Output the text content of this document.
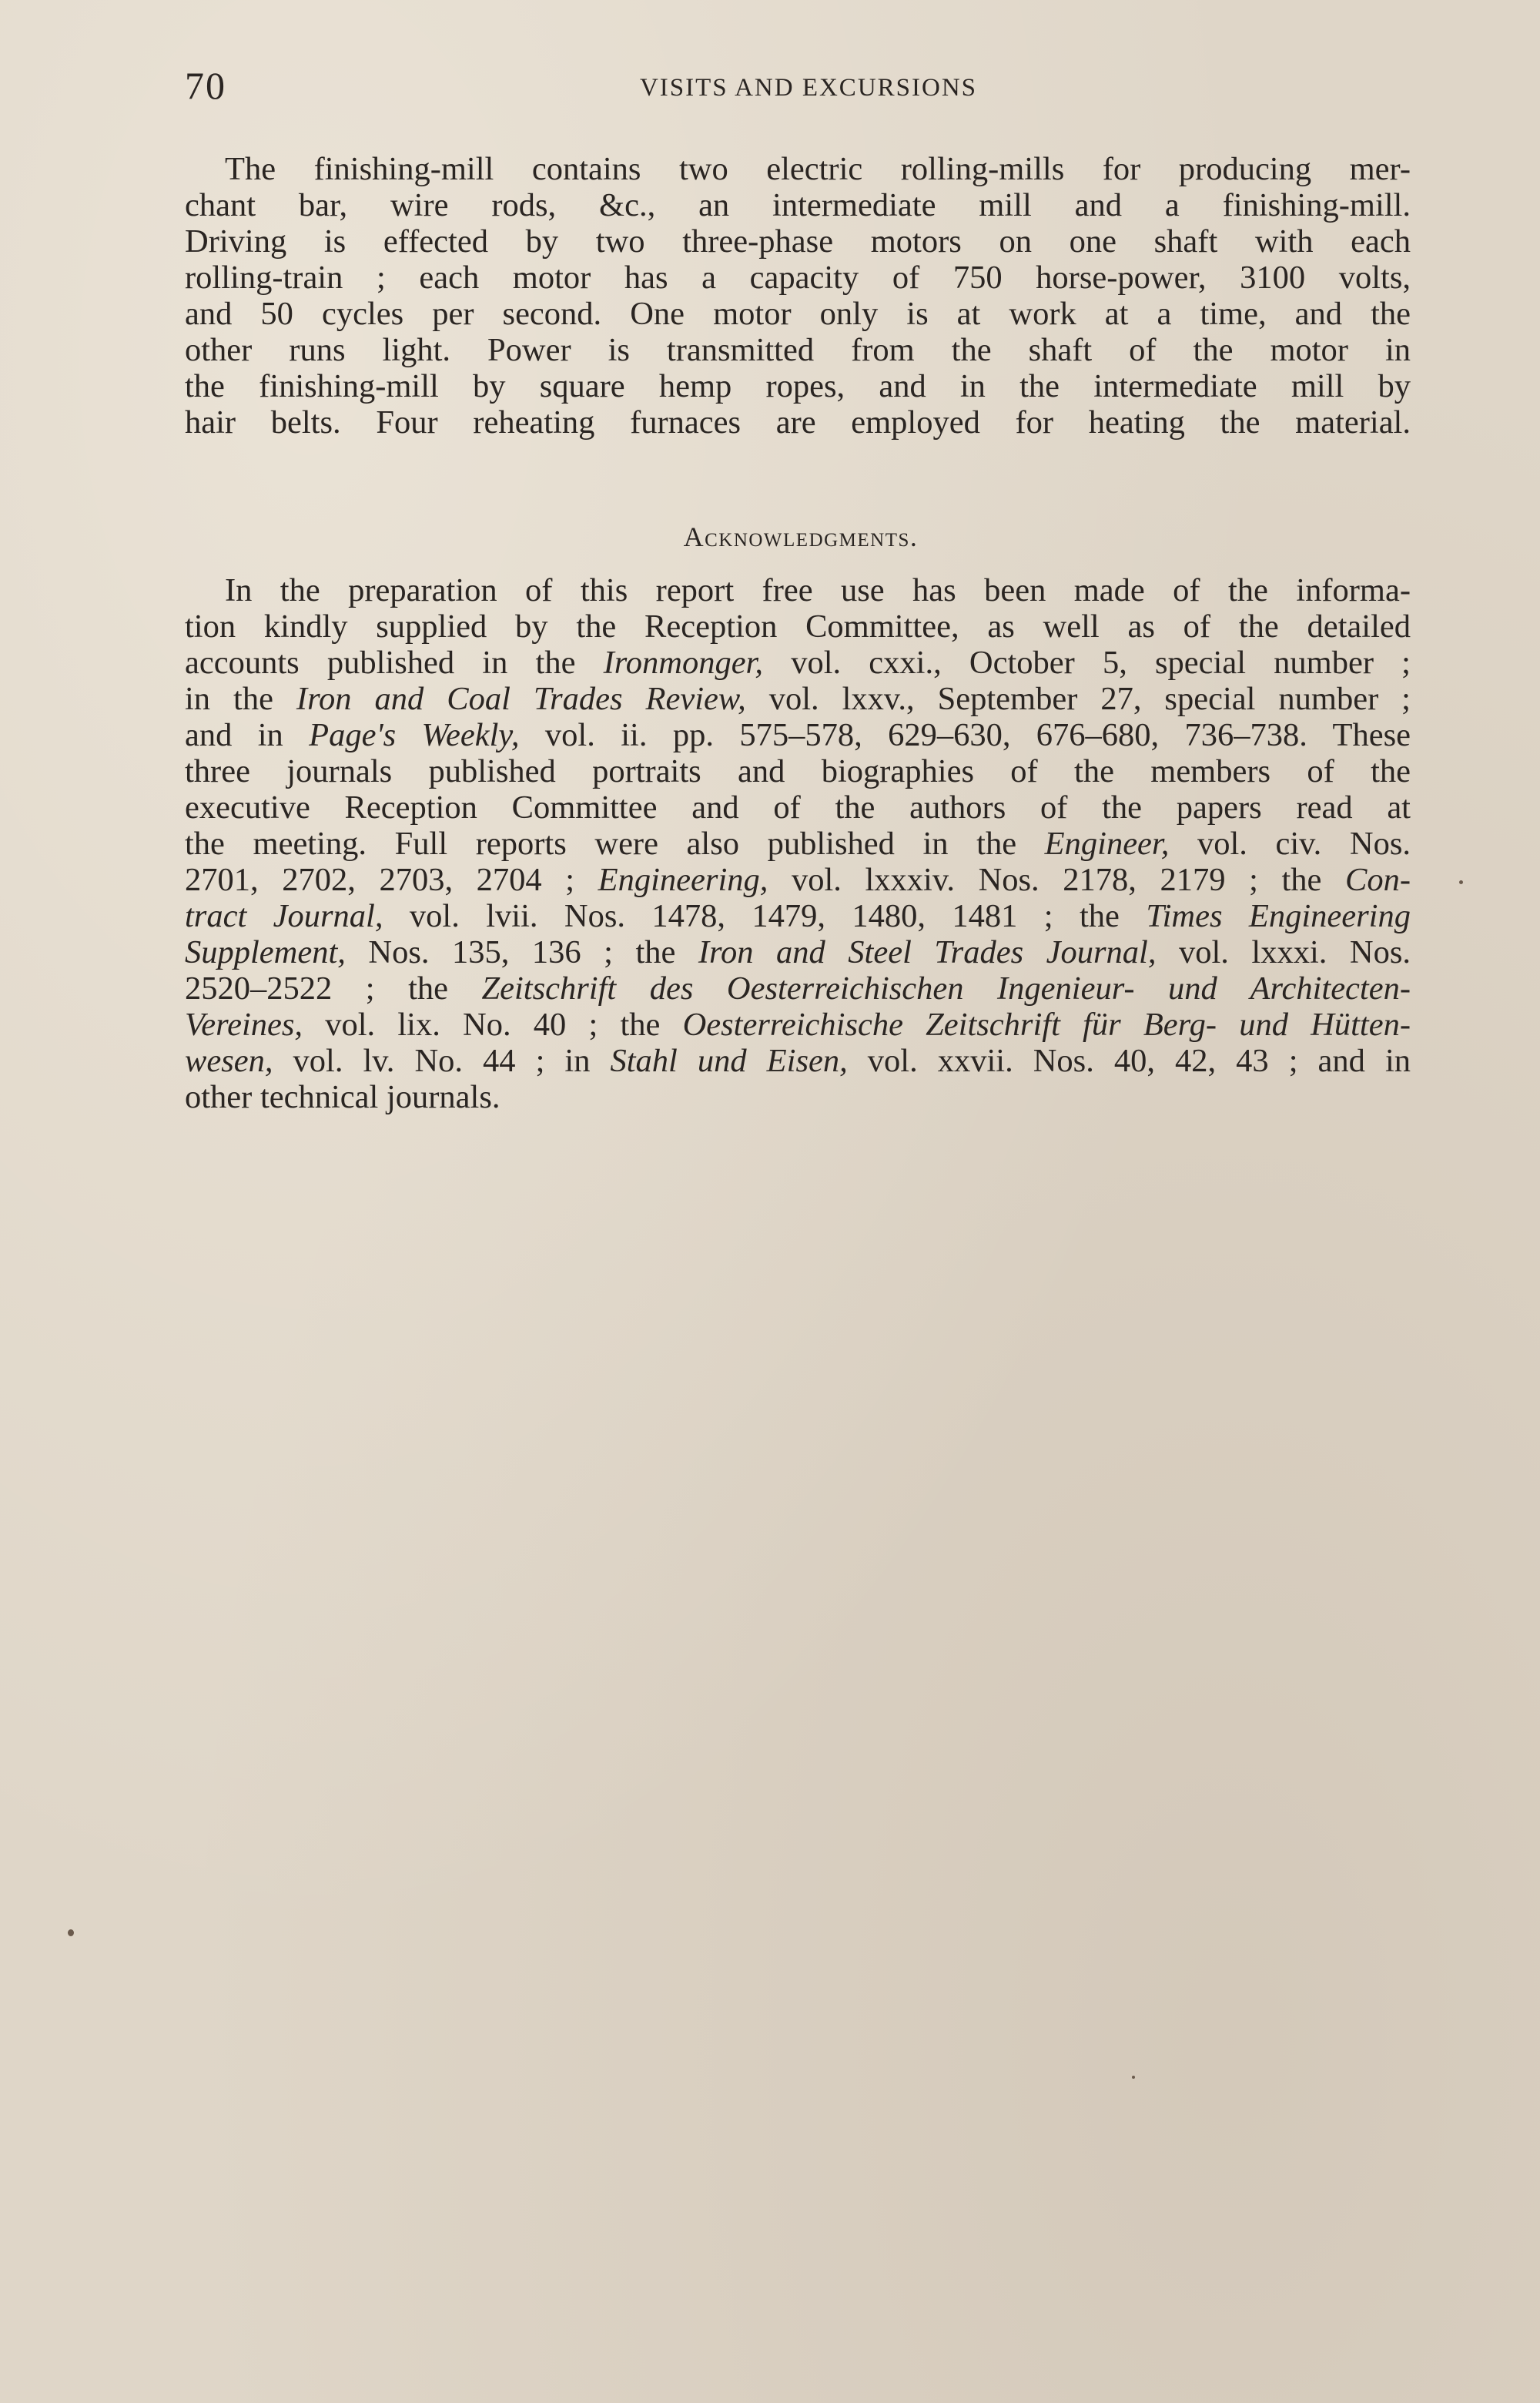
70	VISITS AND EXCURSIONS
The finishing-mill contains two electric rolling-mills for producing mer-
chant bar, wire rods, &c., an intermediate mill and a finishing-mill.
Driving is effected by two three-phase motors on one shaft with each
rolling-train ; each motor has a capacity of 750 horse-power, 3100 volts,
and 50 cycles per second. One motor only is at work at a time, and the
other runs light. Power is transmitted from the shaft of the motor in
the finishing-mill by square hemp ropes, and in the intermediate mill by
hair belts. Four reheating furnaces are employed for heating the material.
Acknowledgments.
In the preparation of this report free use has been made of the informa-
tion kindly supplied by the Reception Committee, as well as of the detailed
accounts published in the Ironmonger, vol. cxxi., October 5, special number ;
in the Iron and Coal Trades Review, vol. lxxv., September 27, special number ;
and in Page's Weekly, vol. ii. pp. 575–578, 629–630, 676–680, 736–738. These
three journals published portraits and biographies of the members of the
executive Reception Committee and of the authors of the papers read at
the meeting. Full reports were also published in the Engineer, vol. civ. Nos.
2701, 2702, 2703, 2704 ; Engineering, vol. lxxxiv. Nos. 2178, 2179 ; the Con-
tract Journal, vol. lvii. Nos. 1478, 1479, 1480, 1481 ; the Times Engineering
Supplement, Nos. 135, 136 ; the Iron and Steel Trades Journal, vol. lxxxi. Nos.
2520–2522 ; the Zeitschrift des Oesterreichischen Ingenieur- und Architecten-
Vereines, vol. lix. No. 40 ; the Oesterreichische Zeitschrift für Berg- und Hütten-
wesen, vol. lv. No. 44 ; in Stahl und Eisen, vol. xxvii. Nos. 40, 42, 43 ; and in
other technical journals.
